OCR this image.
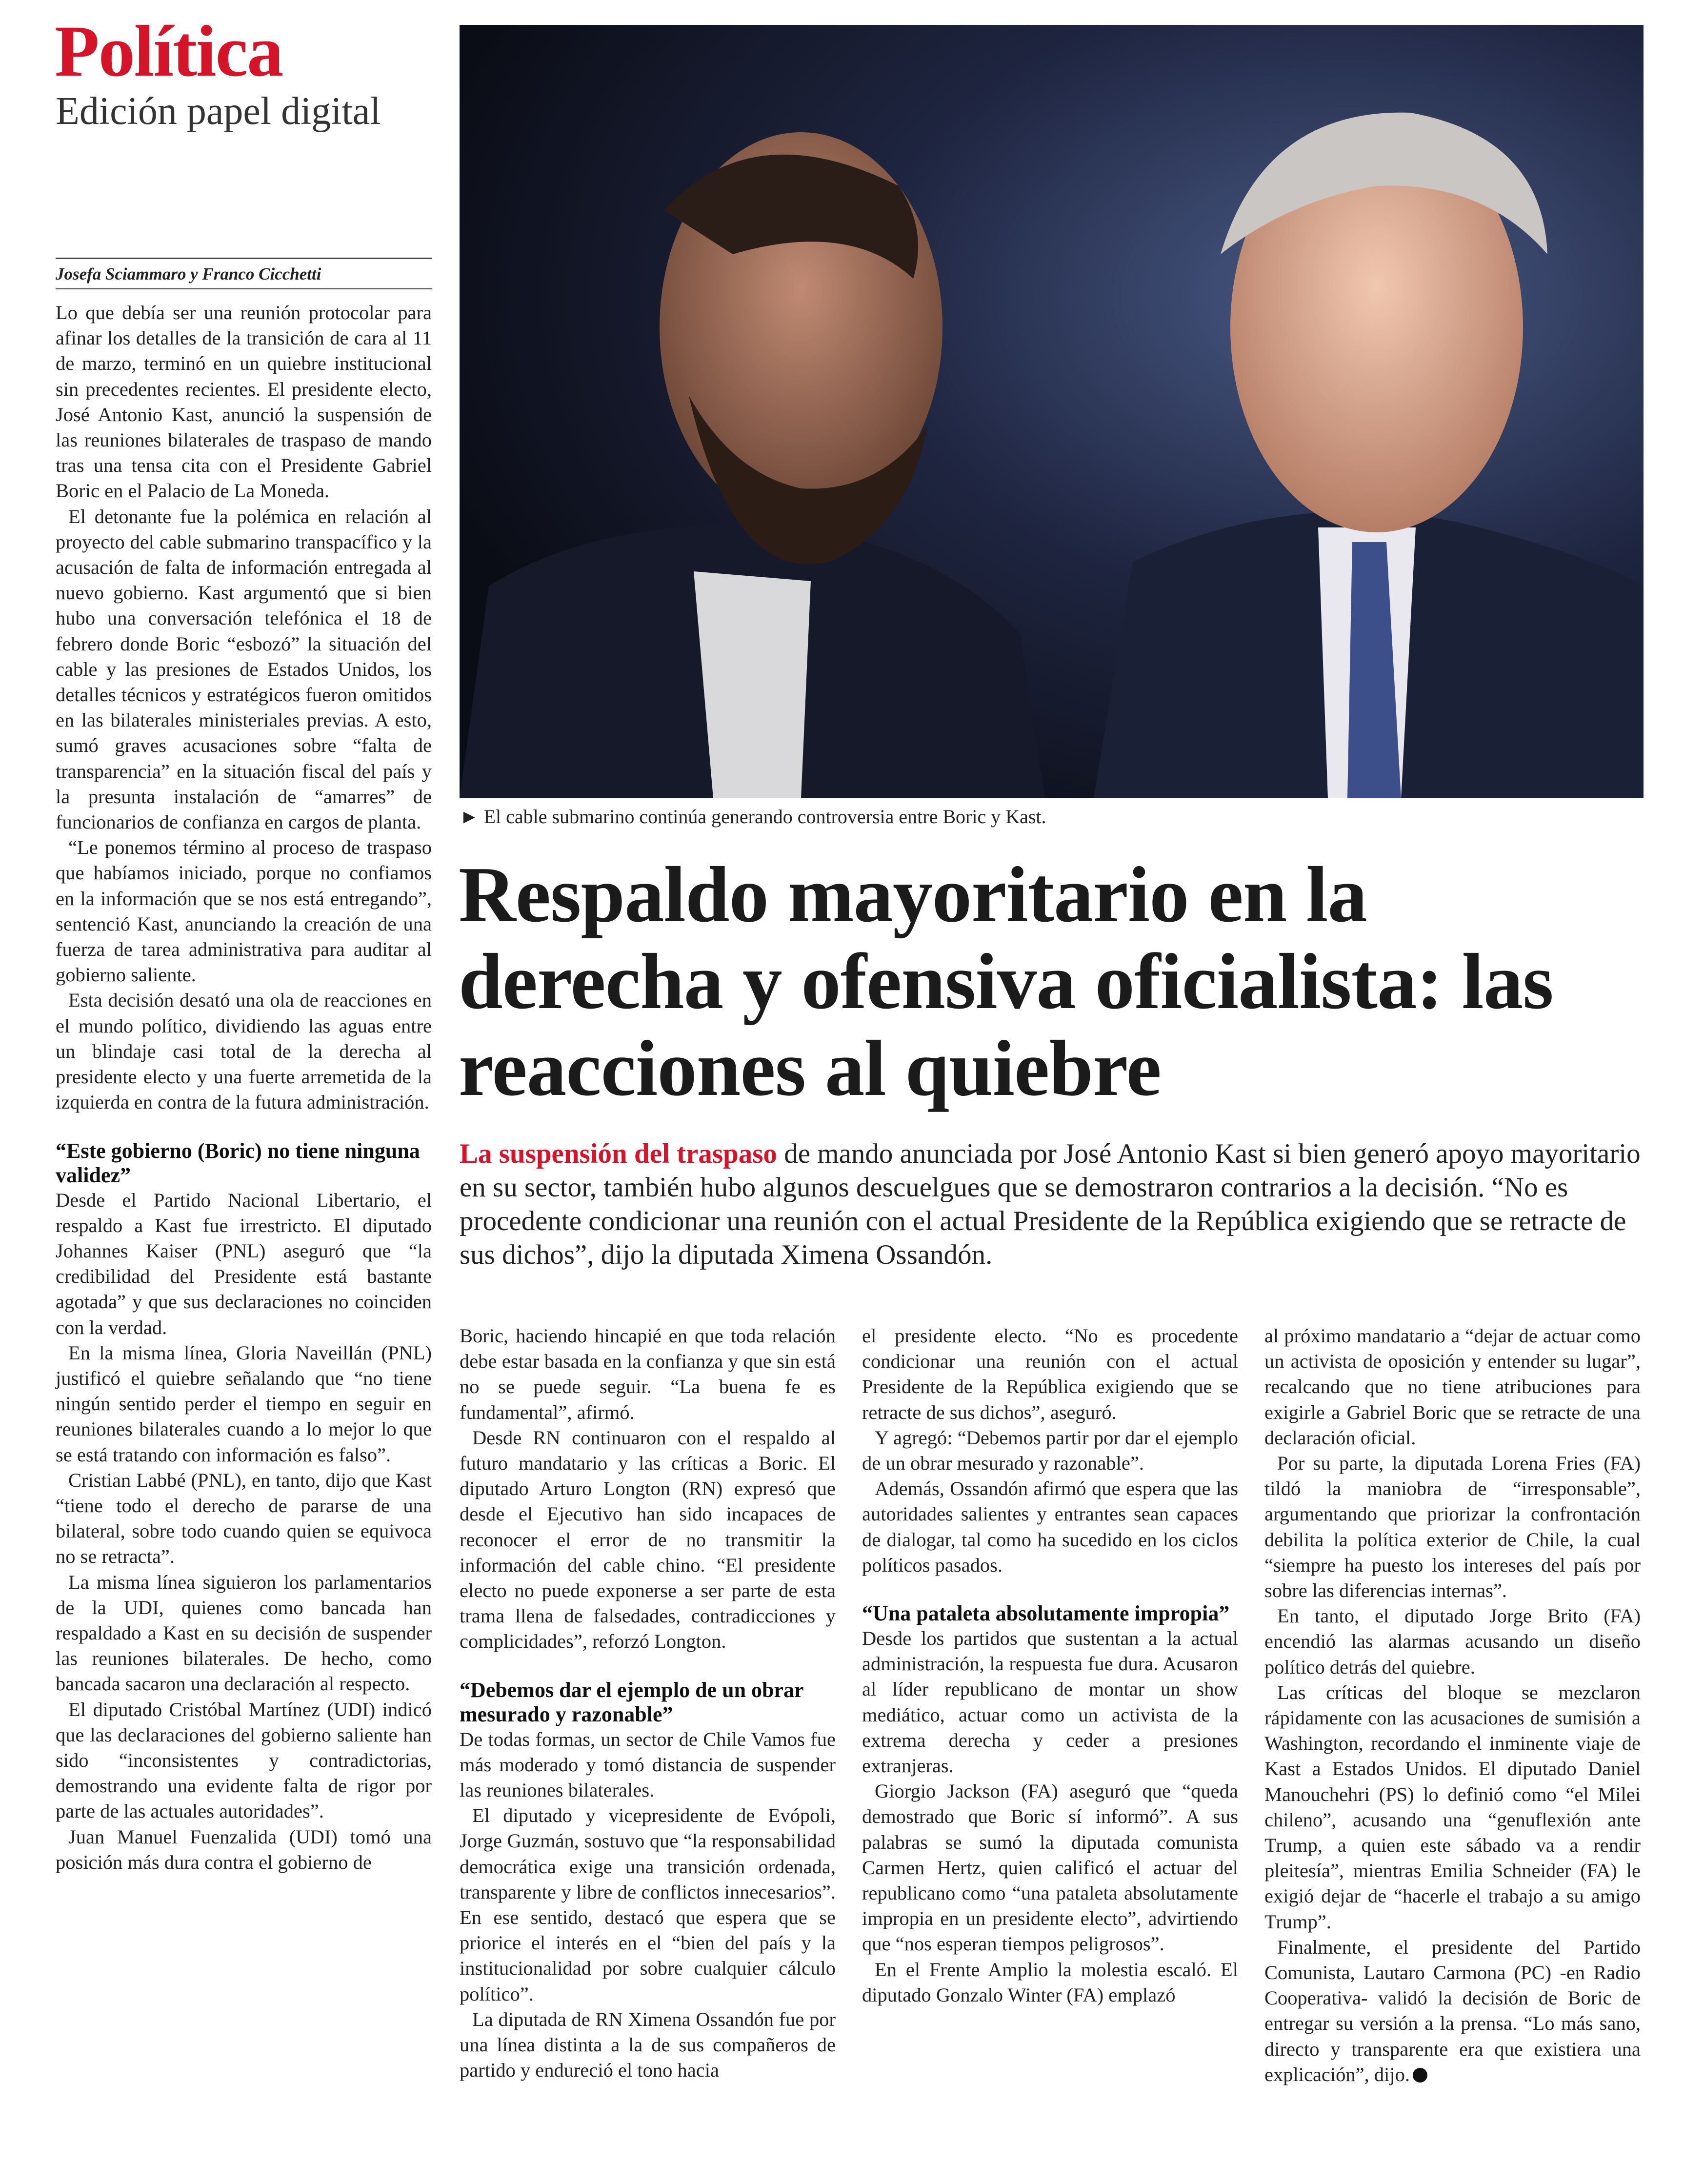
Política
Edición papel digital
► El cable submarino continúa generando controversia entre Boric y Kast.
Respaldo mayoritario en la derecha y ofensiva oficialista: las reacciones al quiebre
La suspensión del traspaso de mando anunciada por José Antonio Kast si bien generó apoyo mayoritario en su sector, también hubo algunos descuelgues que se demostraron contrarios a la decisión. “No es procedente condicionar una reunión con el actual Presidente de la República exigiendo que se retracte de sus dichos”, dijo la diputada Ximena Ossandón.
Josefa Sciammaro y Franco Cicchetti

Lo que debía ser una reunión protocolar para afinar los detalles de la transición de cara al 11 de marzo, terminó en un quiebre institucional sin precedentes recientes. El presidente electo, José Antonio Kast, anunció la suspensión de las reuniones bilaterales de traspaso de mando tras una tensa cita con el Presidente Gabriel Boric en el Palacio de La Moneda.

El detonante fue la polémica en relación al proyecto del cable submarino transpacífico y la acusación de falta de información entregada al nuevo gobierno. Kast argumentó que si bien hubo una conversación telefónica el 18 de febrero donde Boric “esbozó” la situación del cable y las presiones de Estados Unidos, los detalles técnicos y estratégicos fueron omitidos en las bilaterales ministeriales previas. A esto, sumó graves acusaciones sobre “falta de transparencia” en la situación fiscal del país y la presunta instalación de “amarres” de funcionarios de confianza en cargos de planta.

“Le ponemos término al proceso de traspaso que habíamos iniciado, porque no confiamos en la información que se nos está entregando”, sentenció Kast, anunciando la creación de una fuerza de tarea administrativa para auditar al gobierno saliente.

Esta decisión desató una ola de reacciones en el mundo político, dividiendo las aguas entre un blindaje casi total de la derecha al presidente electo y una fuerte arremetida de la izquierda en contra de la futura administración.

“Este gobierno (Boric) no tiene ninguna validez”

Desde el Partido Nacional Libertario, el respaldo a Kast fue irrestricto. El diputado Johannes Kaiser (PNL) aseguró que “la credibilidad del Presidente está bastante agotada” y que sus declaraciones no coinciden con la verdad.

En la misma línea, Gloria Naveillán (PNL) justificó el quiebre señalando que “no tiene ningún sentido perder el tiempo en seguir en reuniones bilaterales cuando a lo mejor lo que se está tratando con información es falso”.

Cristian Labbé (PNL), en tanto, dijo que Kast “tiene todo el derecho de pararse de una bilateral, sobre todo cuando quien se equivoca no se retracta”.

La misma línea siguieron los parlamentarios de la UDI, quienes como bancada han respaldado a Kast en su decisión de suspender las reuniones bilaterales. De hecho, como bancada sacaron una declaración al respecto.

El diputado Cristóbal Martínez (UDI) indicó que las declaraciones del gobierno saliente han sido “inconsistentes y contradictorias, demostrando una evidente falta de rigor por parte de las actuales autoridades”.

Juan Manuel Fuenzalida (UDI) tomó una posición más dura contra el gobierno de

Boric, haciendo hincapié en que toda relación debe estar basada en la confianza y que sin está no se puede seguir. “La buena fe es fundamental”, afirmó.

Desde RN continuaron con el respaldo al futuro mandatario y las críticas a Boric. El diputado Arturo Longton (RN) expresó que desde el Ejecutivo han sido incapaces de reconocer el error de no transmitir la información del cable chino. “El presidente electo no puede exponerse a ser parte de esta trama llena de falsedades, contradicciones y complicidades”, reforzó Longton.

“Debemos dar el ejemplo de un obrar mesurado y razonable”

De todas formas, un sector de Chile Vamos fue más moderado y tomó distancia de suspender las reuniones bilaterales.

El diputado y vicepresidente de Evópoli, Jorge Guzmán, sostuvo que “la responsabilidad democrática exige una transición ordenada, transparente y libre de conflictos innecesarios”. En ese sentido, destacó que espera que se priorice el interés en el “bien del país y la institucionalidad por sobre cualquier cálculo político”.

La diputada de RN Ximena Ossandón fue por una línea distinta a la de sus compañeros de partido y endureció el tono hacia

el presidente electo. “No es procedente condicionar una reunión con el actual Presidente de la República exigiendo que se retracte de sus dichos”, aseguró.

Y agregó: “Debemos partir por dar el ejemplo de un obrar mesurado y razonable”.

Además, Ossandón afirmó que espera que las autoridades salientes y entrantes sean capaces de dialogar, tal como ha sucedido en los ciclos políticos pasados.

“Una pataleta absolutamente impropia”

Desde los partidos que sustentan a la actual administración, la respuesta fue dura. Acusaron al líder republicano de montar un show mediático, actuar como un activista de la extrema derecha y ceder a presiones extranjeras.

Giorgio Jackson (FA) aseguró que “queda demostrado que Boric sí informó”. A sus palabras se sumó la diputada comunista Carmen Hertz, quien calificó el actuar del republicano como “una pataleta absolutamente impropia en un presidente electo”, advirtiendo que “nos esperan tiempos peligrosos”.

En el Frente Amplio la molestia escaló. El diputado Gonzalo Winter (FA) emplazó

al próximo mandatario a “dejar de actuar como un activista de oposición y entender su lugar”, recalcando que no tiene atribuciones para exigirle a Gabriel Boric que se retracte de una declaración oficial.

Por su parte, la diputada Lorena Fries (FA) tildó la maniobra de “irresponsable”, argumentando que priorizar la confrontación debilita la política exterior de Chile, la cual “siempre ha puesto los intereses del país por sobre las diferencias internas”.

En tanto, el diputado Jorge Brito (FA) encendió las alarmas acusando un diseño político detrás del quiebre.

Las críticas del bloque se mezclaron rápidamente con las acusaciones de sumisión a Washington, recordando el inminente viaje de Kast a Estados Unidos. El diputado Daniel Manouchehri (PS) lo definió como “el Milei chileno”, acusando una “genuflexión ante Trump, a quien este sábado va a rendir pleitesía”, mientras Emilia Schneider (FA) le exigió dejar de “hacerle el trabajo a su amigo Trump”.

Finalmente, el presidente del Partido Comunista, Lautaro Carmona (PC) -en Radio Cooperativa- validó la decisión de Boric de entregar su versión a la prensa. “Lo más sano, directo y transparente era que existiera una explicación”, dijo.
